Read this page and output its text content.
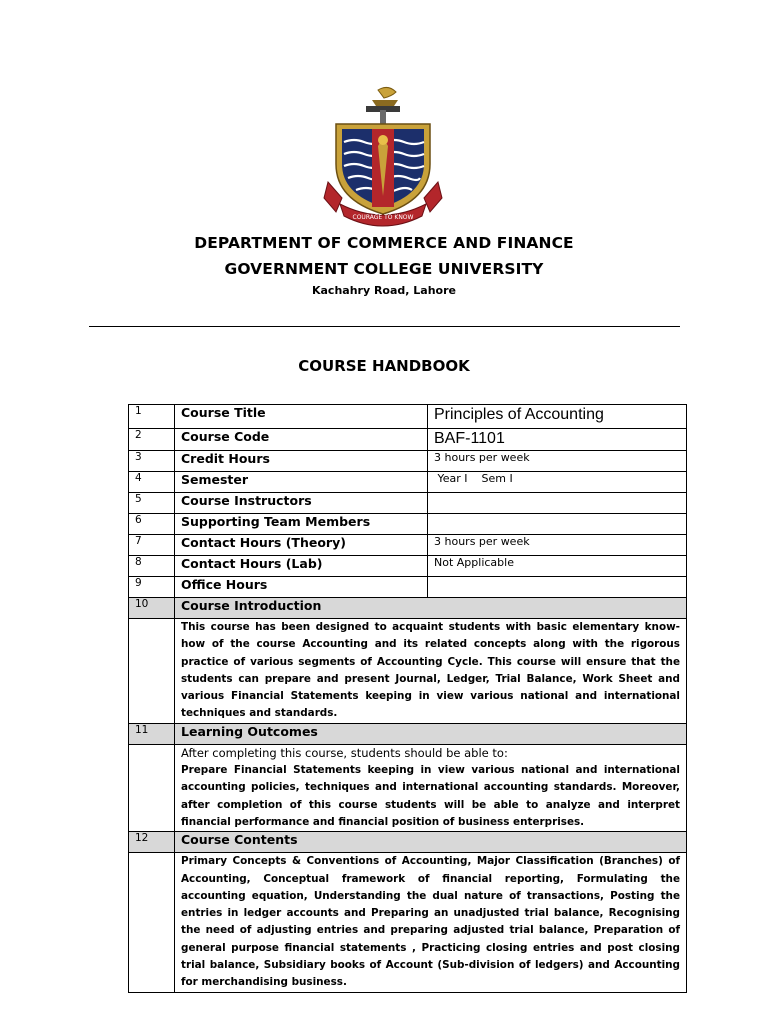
COURAGE TO KNOW
DEPARTMENT OF COMMERCE AND FINANCE
GOVERNMENT COLLEGE UNIVERSITY
Kachahry Road, Lahore
COURSE HANDBOOK
1	Course Title	Principles of Accounting
2	Course Code	BAF-1101
3	Credit Hours	3 hours per week
4	Semester	Year I    Sem I
5	Course Instructors	
6	Supporting Team Members	
7	Contact Hours (Theory)	3 hours per week
8	Contact Hours (Lab)	Not Applicable
9	Office Hours	
10	Course Introduction	
	This course has been designed to acquaint students with basic elementary know-how of the course Accounting and its related concepts along with the rigorous practice of various segments of Accounting Cycle. This course will ensure that the students can prepare and present Journal, Ledger, Trial Balance, Work Sheet and various Financial Statements keeping in view various national and international techniques and standards.	
11	Learning Outcomes	

	After completing this course, students should be able to:
Prepare Financial Statements keeping in view various national and international accounting policies, techniques and international accounting standards. Moreover, after completion of this course students will be able to analyze and interpret financial performance and financial position of business enterprises.	
12	Course Contents	
	Primary Concepts & Conventions of Accounting, Major Classification (Branches) of Accounting, Conceptual framework of financial reporting, Formulating the accounting equation, Understanding the dual nature of transactions, Posting the entries in ledger accounts and Preparing an unadjusted trial balance, Recognising the need of adjusting entries and preparing adjusted trial balance, Preparation of general purpose financial statements , Practicing closing entries and post closing trial balance, Subsidiary books of Account (Sub-division of ledgers) and Accounting for merchandising business.	
